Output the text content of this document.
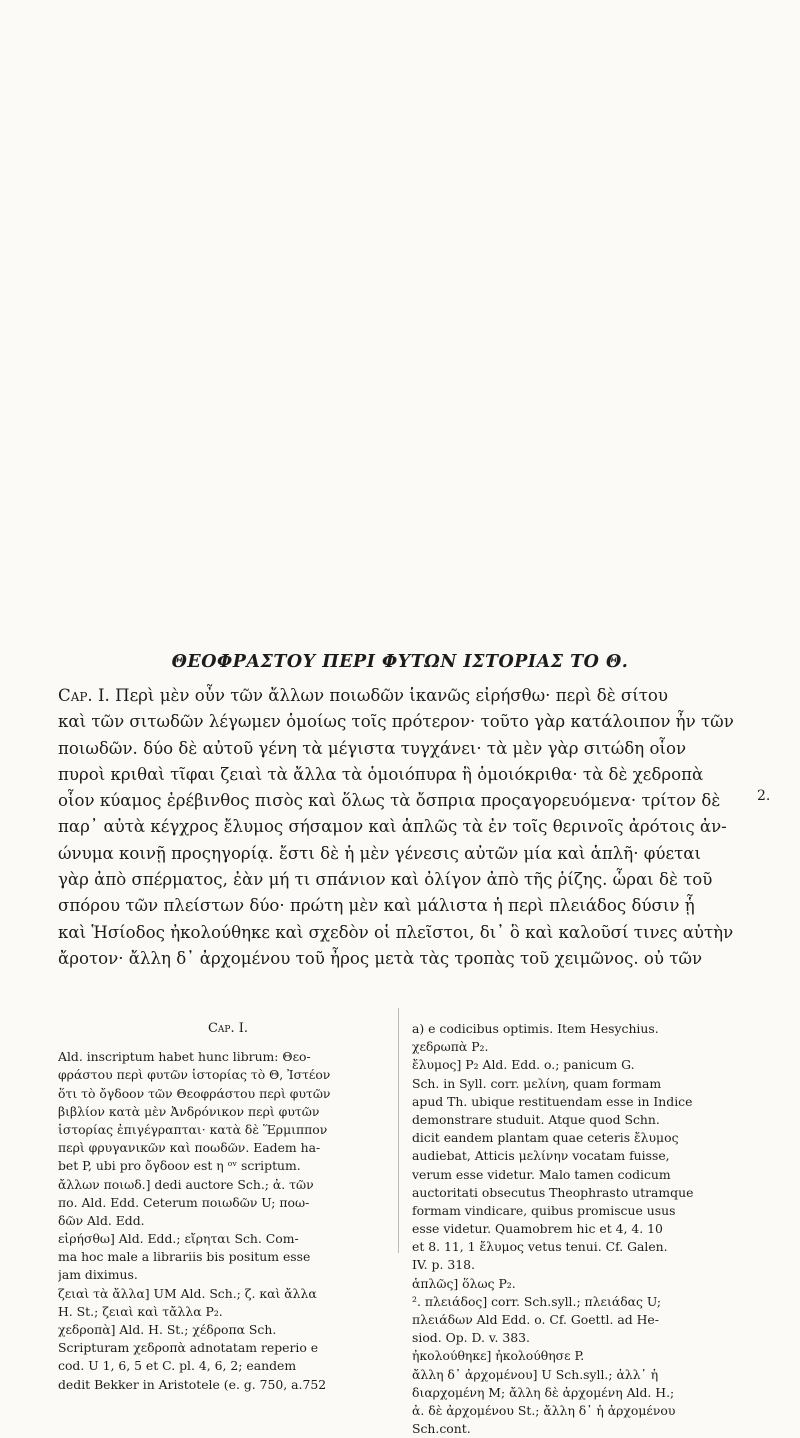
ΘΕΟΦΡΑΣΤΟΥ ΠΕΡΙ ΦΥΤΩΝ ΙΣΤΟΡΙΑΣ ΤΟ Θ.
Cap. I. Περὶ μὲν οὖν τῶν ἄλλων ποιωδῶν ἱκανῶς εἰρήσθω· περὶ δὲ σίτου
καὶ τῶν σιτωδῶν λέγωμεν ὁμοίως τοῖς πρότερον· τοῦτο γὰρ κατάλοιπον ἦν τῶν
ποιωδῶν. δύο δὲ αὐτοῦ γένη τὰ μέγιστα τυγχάνει· τὰ μὲν γὰρ σιτώδη οἷον
πυροὶ κριθαὶ τῖφαι ζειαὶ τὰ ἄλλα τὰ ὁμοιόπυρα ἢ ὁμοιόκριθα· τὰ δὲ χεδροπὰ
οἷον κύαμος ἐρέβινθος πισὸς καὶ ὅλως τὰ ὄσπρια προςαγορευόμενα· τρίτον δὲ
παρ᾽ αὐτὰ κέγχρος ἔλυμος σήσαμον καὶ ἁπλῶς τὰ ἐν τοῖς θερινοῖς ἀρότοις ἀν-
ώνυμα κοινῇ προςηγορίᾳ. ἔστι δὲ ἡ μὲν γένεσις αὐτῶν μία καὶ ἁπλῆ· φύεται
γὰρ ἀπὸ σπέρματος, ἐὰν μή τι σπάνιον καὶ ὀλίγον ἀπὸ τῆς ῥίζης. ὧραι δὲ τοῦ
σπόρου τῶν πλείστων δύο· πρώτη μὲν καὶ μάλιστα ἡ περὶ πλειάδος δύσιν ᾗ
καὶ Ἡσίοδος ἠκολούθηκε καὶ σχεδὸν οἱ πλεῖστοι, δι᾽ ὃ καὶ καλοῦσί τινες αὐτὴν
ἄροτον· ἄλλη δ᾽ ἀρχομένου τοῦ ἦρος μετὰ τὰς τροπὰς τοῦ χειμῶνος. οὐ τῶν
2.
Cap. I.
Ald. inscriptum habet hunc librum: Θεο-
φράστου περὶ φυτῶν ἱστορίας τὸ Θ, Ἰστέον
ὅτι τὸ ὄγδοον τῶν Θεοφράστου περὶ φυτῶν
βιβλίον κατὰ μὲν Ἀνδρόνικον περὶ φυτῶν
ἱστορίας ἐπιγέγραπται· κατὰ δὲ Ἕρμιππον
περὶ φρυγανικῶν καὶ ποωδῶν. Eadem ha-
bet P, ubi pro ὄγδοον est η ᵒᵛ scriptum.
ἄλλων ποιωδ.] dedi auctore Sch.; ἀ. τῶν
πο. Ald. Edd. Ceterum ποιωδῶν U; ποω-
δῶν Ald. Edd.
εἰρήσθω] Ald. Edd.; εἴρηται Sch. Com-
ma hoc male a librariis bis positum esse
jam diximus.
ζειαὶ τὰ ἄλλα] UM Ald. Sch.; ζ. καὶ ἄλλα
H. St.; ζειαὶ καὶ τἄλλα P₂.
χεδροπὰ] Ald. H. St.; χέδροπα Sch.
Scripturam χεδροπὰ adnotatam reperio e
cod. U 1, 6, 5 et C. pl. 4, 6, 2; eandem
dedit Bekker in Aristotele (e. g. 750, a.752
a) e codicibus optimis. Item Hesychius.
χεδρωπὰ P₂.
ἔλυμος] P₂ Ald. Edd. o.; panicum G.
Sch. in Syll. corr. μελίνη, quam formam
apud Th. ubique restituendam esse in Indice
demonstrare studuit. Atque quod Schn.
dicit eandem plantam quae ceteris ἔλυμος
audiebat, Atticis μελίνην vocatam fuisse,
verum esse videtur. Malo tamen codicum
auctoritati obsecutus Theophrasto utramque
formam vindicare, quibus promiscue usus
esse videtur. Quamobrem hic et 4, 4. 10
et 8. 11, 1 ἔλυμος vetus tenui. Cf. Galen.
IV. p. 318.
ἁπλῶς] ὅλως P₂.
². πλειάδος] corr. Sch.syll.; πλειάδας U;
πλειάδων Ald Edd. o. Cf. Goettl. ad He-
siod. Op. D. v. 383.
ἠκολούθηκε] ἠκολούθησε P.
ἄλλη δ᾽ ἀρχομένου] U Sch.syll.; ἀλλ᾽ ἡ
διαρχομένη M; ἄλλη δὲ ἀρχομένη Ald. H.;
ἀ. δὲ ἀρχομένου St.; ἄλλη δ᾽ ἡ ἀρχομένου
Sch.cont.
